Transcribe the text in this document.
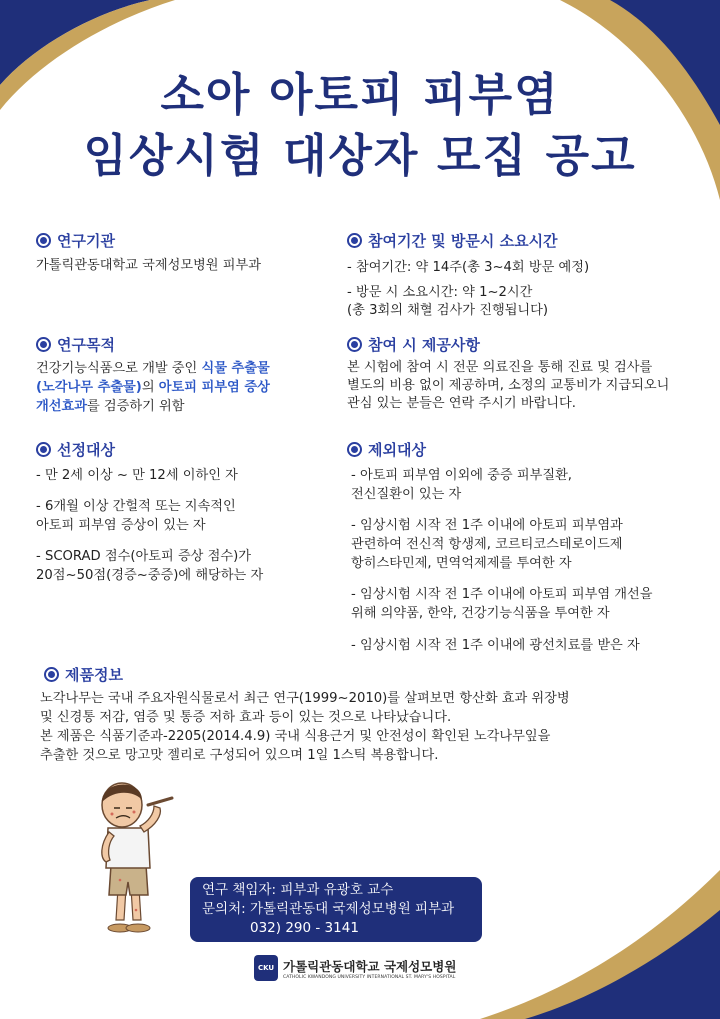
소아 아토피 피부염
임상시험 대상자 모집 공고
연구기관
가톨릭관동대학교 국제성모병원 피부과
연구목적
건강기능식품으로 개발 중인 식물 추출물
(노각나무 추출물)의 아토피 피부염 증상
개선효과를 검증하기 위함
선정대상
- 만 2세 이상 ~ 만 12세 이하인 자
- 6개월 이상 간헐적 또는 지속적인
아토피 피부염 증상이 있는 자
- SCORAD 점수(아토피 증상 점수)가
20점~50점(경증~중증)에 해당하는 자
참여기간 및 방문시 소요시간
- 참여기간: 약 14주(총 3~4회 방문 예정)
- 방문 시 소요시간: 약 1~2시간
(총 3회의 채혈 검사가 진행됩니다)
참여 시 제공사항
본 시험에 참여 시 전문 의료진을 통해 진료 및 검사를
별도의 비용 없이 제공하며, 소정의 교통비가 지급되오니
관심 있는 분들은 연락 주시기 바랍니다.
제외대상
- 아토피 피부염 이외에 중증 피부질환,
전신질환이 있는 자
- 임상시험 시작 전 1주 이내에 아토피 피부염과
관련하여 전신적 항생제, 코르티코스테로이드제
항히스타민제, 면역억제제를 투여한 자
- 임상시험 시작 전 1주 이내에 아토피 피부염 개선을
위해 의약품, 한약, 건강기능식품을 투여한 자
- 임상시험 시작 전 1주 이내에 광선치료를 받은 자
제품정보
노각나무는 국내 주요자원식물로서 최근 연구(1999~2010)를 살펴보면 항산화 효과 위장병
및 신경통 저감, 염증 및 통증 저하 효과 등이 있는 것으로 나타났습니다.
본 제품은 식품기준과-2205(2014.4.9) 국내 식용근거 및 안전성이 확인된 노각나무잎을
추출한 것으로 망고맛 젤리로 구성되어 있으며 1일 1스틱 복용합니다.
연구 책임자: 피부과 유광호 교수
문의처: 가톨릭관동대 국제성모병원 피부과
032) 290 - 3141
CKU 가톨릭관동대학교 국제성모병원
CATHOLIC KWANDONG UNIVERSITY INTERNATIONAL ST. MARY'S HOSPITAL
